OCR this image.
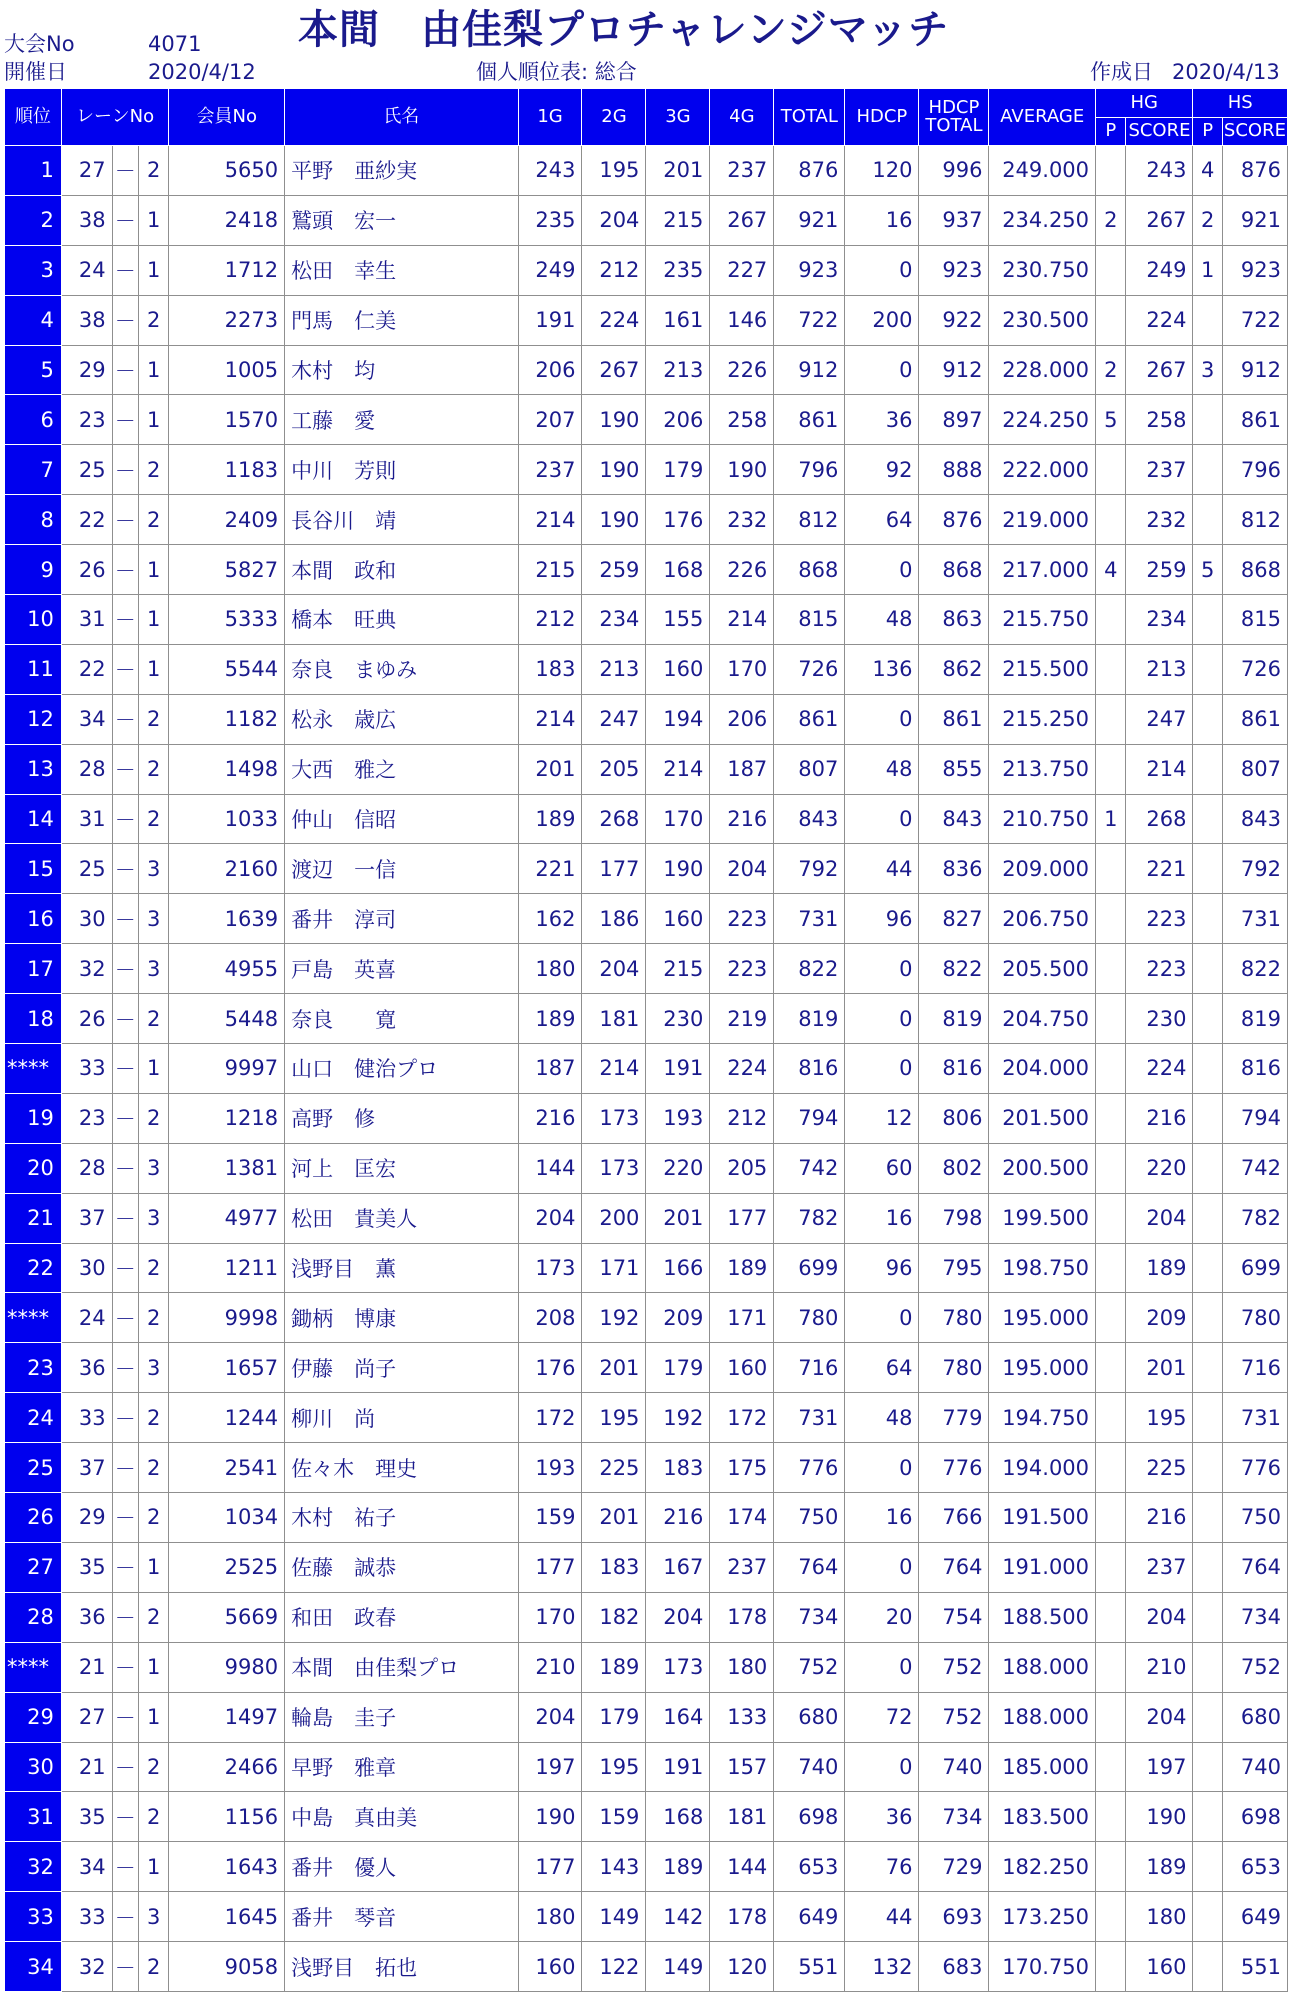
大会No	4071
開催日	2020/4/12
本間　由佳梨プロチャレンジマッチ
個人順位表: 総合	作成日 2020/4/13
順位	レーンNo			会員No	氏名	1G	2G	3G	4G	TOTAL	HDCP	HDCP
TOTAL	AVERAGE	HG		HS	
														P	SCORE	P	SCORE
1	27	－	2	5650	平野　亜紗実	243	195	201	237	876	120	996	249.000		243	4	876
2	38	－	1	2418	鷲頭　宏一	235	204	215	267	921	16	937	234.250	2	267	2	921
3	24	－	1	1712	松田　幸生	249	212	235	227	923	0	923	230.750		249	1	923
4	38	－	2	2273	門馬　仁美	191	224	161	146	722	200	922	230.500		224		722
5	29	－	1	1005	木村　均	206	267	213	226	912	0	912	228.000	2	267	3	912
6	23	－	1	1570	工藤　愛	207	190	206	258	861	36	897	224.250	5	258		861
7	25	－	2	1183	中川　芳則	237	190	179	190	796	92	888	222.000		237		796
8	22	－	2	2409	長谷川　靖	214	190	176	232	812	64	876	219.000		232		812
9	26	－	1	5827	本間　政和	215	259	168	226	868	0	868	217.000	4	259	5	868
10	31	－	1	5333	橋本　旺典	212	234	155	214	815	48	863	215.750		234		815
11	22	－	1	5544	奈良　まゆみ	183	213	160	170	726	136	862	215.500		213		726
12	34	－	2	1182	松永　歳広	214	247	194	206	861	0	861	215.250		247		861
13	28	－	2	1498	大西　雅之	201	205	214	187	807	48	855	213.750		214		807
14	31	－	2	1033	仲山　信昭	189	268	170	216	843	0	843	210.750	1	268		843
15	25	－	3	2160	渡辺　一信	221	177	190	204	792	44	836	209.000		221		792
16	30	－	3	1639	番井　淳司	162	186	160	223	731	96	827	206.750		223		731
17	32	－	3	4955	戸島　英喜	180	204	215	223	822	0	822	205.500		223		822
18	26	－	2	5448	奈良　　寛	189	181	230	219	819	0	819	204.750		230		819
****	33	－	1	9997	山口　健治プロ	187	214	191	224	816	0	816	204.000		224		816
19	23	－	2	1218	高野　修	216	173	193	212	794	12	806	201.500		216		794
20	28	－	3	1381	河上　匡宏	144	173	220	205	742	60	802	200.500		220		742
21	37	－	3	4977	松田　貴美人	204	200	201	177	782	16	798	199.500		204		782
22	30	－	2	1211	浅野目　薫	173	171	166	189	699	96	795	198.750		189		699
****	24	－	2	9998	鋤柄　博康	208	192	209	171	780	0	780	195.000		209		780
23	36	－	3	1657	伊藤　尚子	176	201	179	160	716	64	780	195.000		201		716
24	33	－	2	1244	柳川　尚	172	195	192	172	731	48	779	194.750		195		731
25	37	－	2	2541	佐々木　理史	193	225	183	175	776	0	776	194.000		225		776
26	29	－	2	1034	木村　祐子	159	201	216	174	750	16	766	191.500		216		750
27	35	－	1	2525	佐藤　誠恭	177	183	167	237	764	0	764	191.000		237		764
28	36	－	2	5669	和田　政春	170	182	204	178	734	20	754	188.500		204		734
****	21	－	1	9980	本間　由佳梨プロ	210	189	173	180	752	0	752	188.000		210		752
29	27	－	1	1497	輪島　圭子	204	179	164	133	680	72	752	188.000		204		680
30	21	－	2	2466	早野　雅章	197	195	191	157	740	0	740	185.000		197		740
31	35	－	2	1156	中島　真由美	190	159	168	181	698	36	734	183.500		190		698
32	34	－	1	1643	番井　優人	177	143	189	144	653	76	729	182.250		189		653
33	33	－	3	1645	番井　琴音	180	149	142	178	649	44	693	173.250		180		649
34	32	－	2	9058	浅野目　拓也	160	122	149	120	551	132	683	170.750		160		551
